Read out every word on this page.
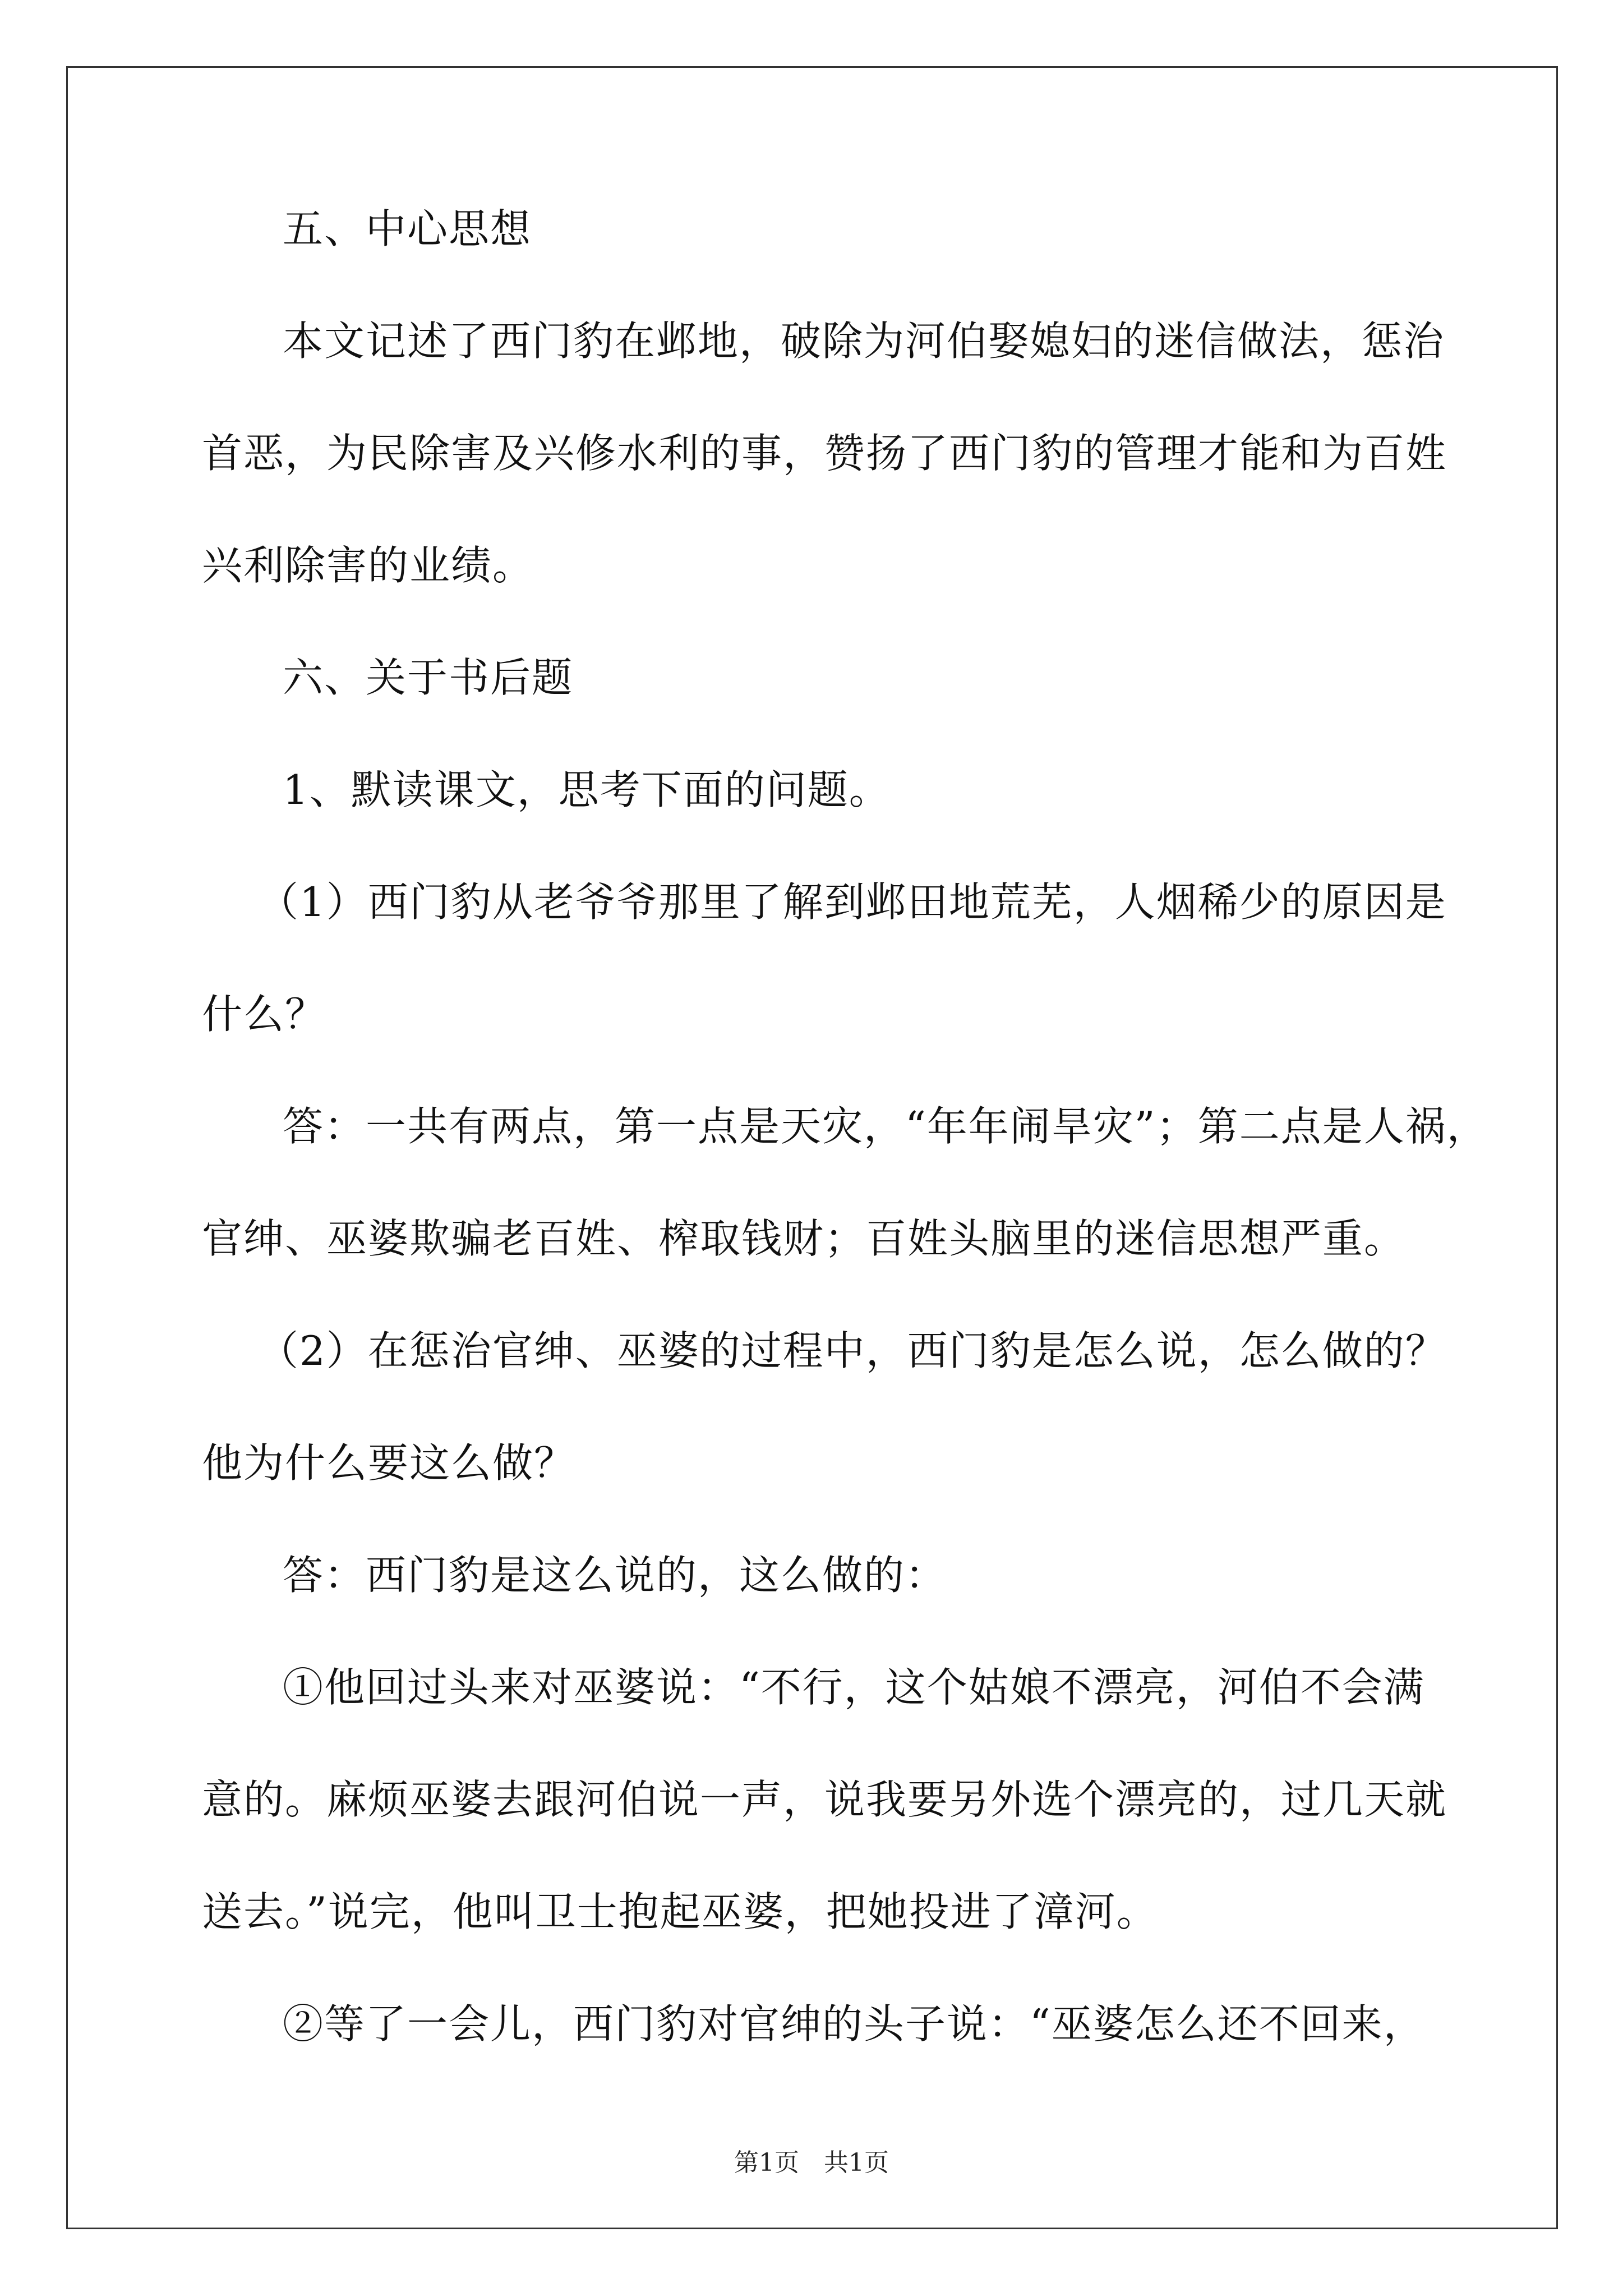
五、中心思想
本文记述了西门豹在邺地，破除为河伯娶媳妇的迷信做法，惩治
首恶，为民除害及兴修水利的事，赞扬了西门豹的管理才能和为百姓
兴利除害的业绩。
六、关于书后题
1、默读课文，思考下面的问题。
（1）西门豹从老爷爷那里了解到邺田地荒芜，人烟稀少的原因是
什么？
答：一共有两点，第一点是天灾，“年年闹旱灾”；第二点是人祸，
官绅、巫婆欺骗老百姓、榨取钱财；百姓头脑里的迷信思想严重。
（2）在惩治官绅、巫婆的过程中，西门豹是怎么说，怎么做的？
他为什么要这么做？
答：西门豹是这么说的，这么做的：
①他回过头来对巫婆说：“不行，这个姑娘不漂亮，河伯不会满
意的。麻烦巫婆去跟河伯说一声，说我要另外选个漂亮的，过几天就
送去。”说完，他叫卫士抱起巫婆，把她投进了漳河。
②等了一会儿，西门豹对官绅的头子说：“巫婆怎么还不回来，
第1页　共1页
